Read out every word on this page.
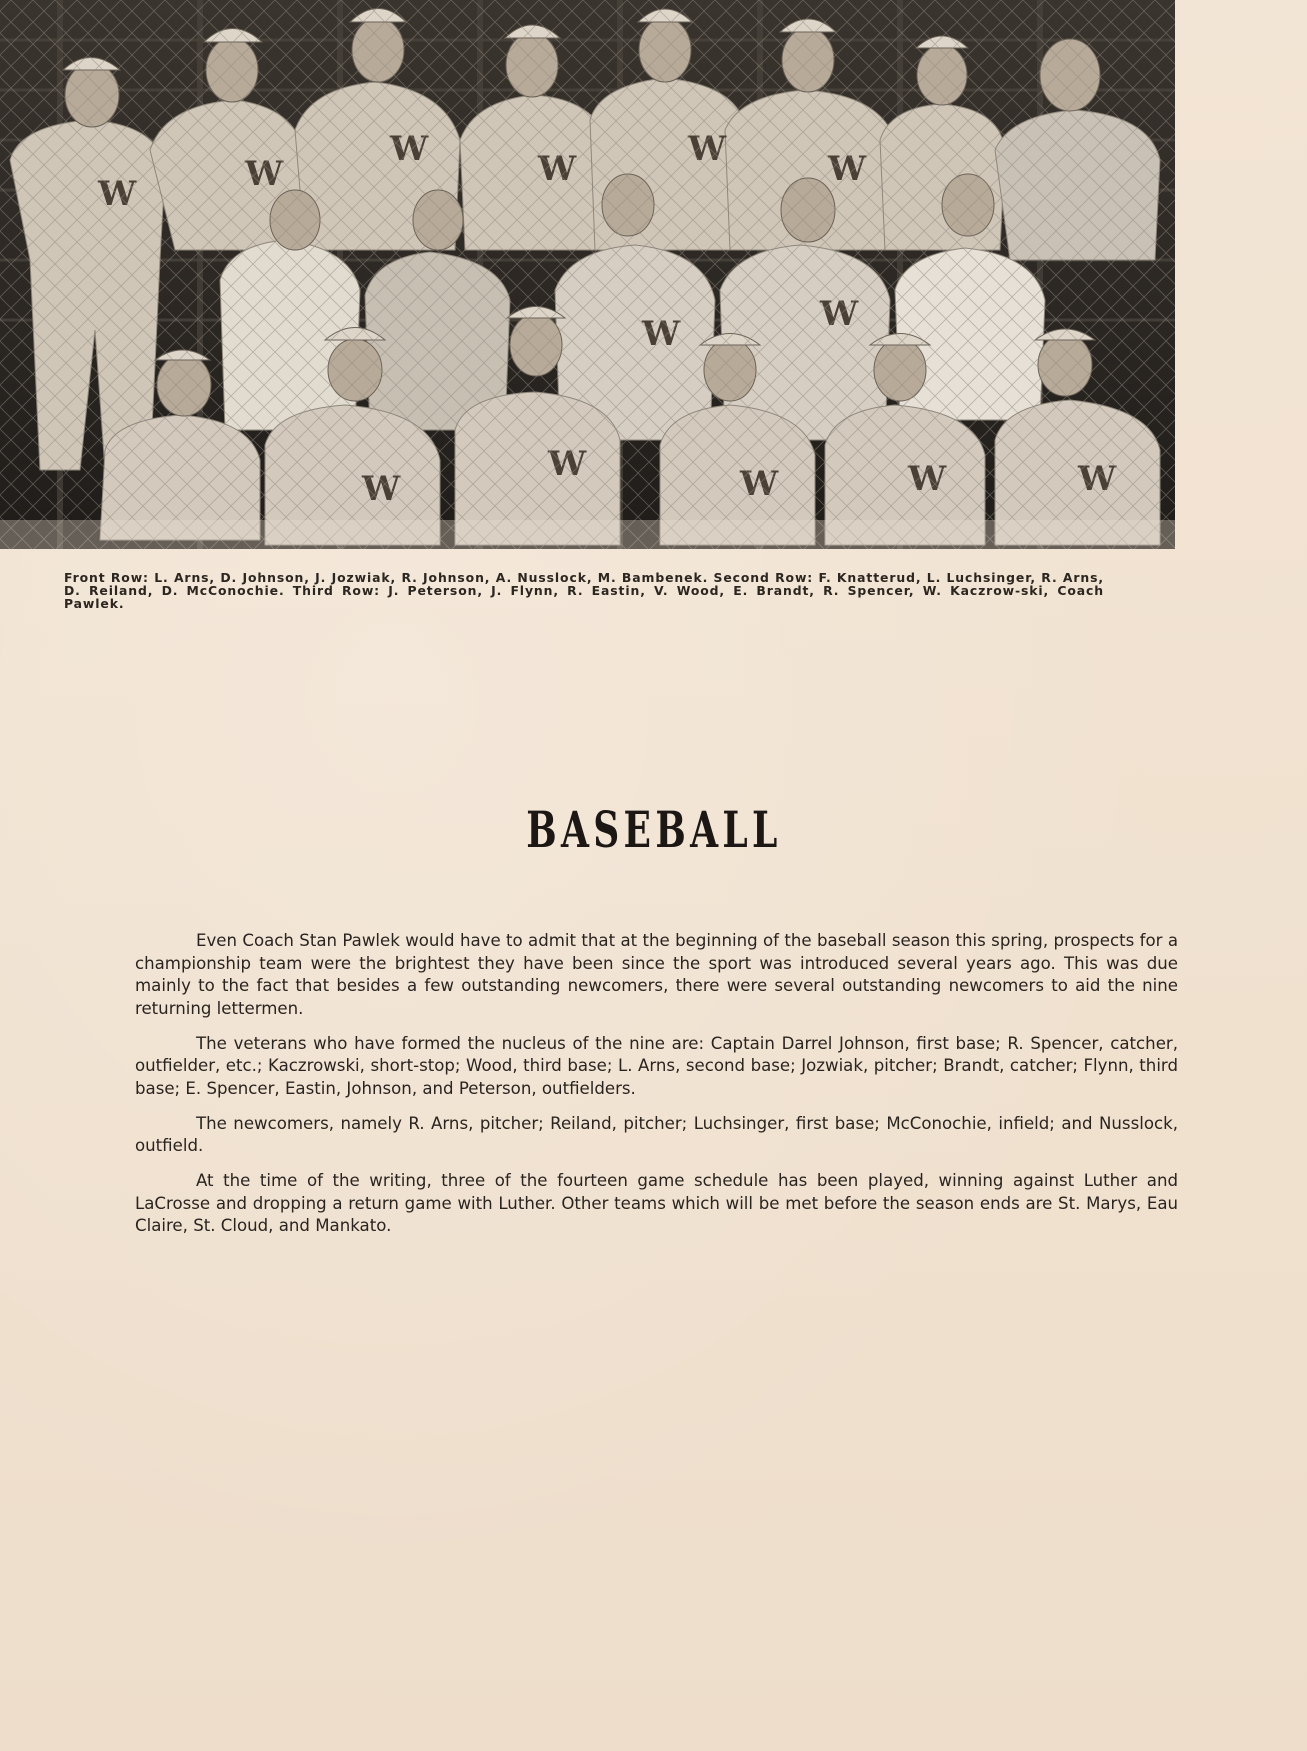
Front Row: L. Arns, D. Johnson, J. Jozwiak, R. Johnson, A. Nusslock, M. Bambenek. Second Row: F. Knatterud, L. Luchsinger, R. Arns, D. Reiland, D. McConochie. Third Row: J. Peterson, J. Flynn, R. Eastin, V. Wood, E. Brandt, R. Spencer, W. Kaczrow-ski, Coach Pawlek.
BASEBALL

Even Coach Stan Pawlek would have to admit that at the beginning of the baseball season this spring, prospects for a championship team were the brightest they have been since the sport was introduced several years ago. This was due mainly to the fact that besides a few outstanding newcomers, there were several outstanding newcomers to aid the nine returning lettermen.

The veterans who have formed the nucleus of the nine are: Captain Darrel Johnson, first base; R. Spencer, catcher, outfielder, etc.; Kaczrowski, short-stop; Wood, third base; L. Arns, second base; Jozwiak, pitcher; Brandt, catcher; Flynn, third base; E. Spencer, Eastin, Johnson, and Peterson, outfielders.

The newcomers, namely R. Arns, pitcher; Reiland, pitcher; Luchsinger, first base; McConochie, infield; and Nusslock, outfield.

At the time of the writing, three of the fourteen game schedule has been played, winning against Luther and LaCrosse and dropping a return game with Luther. Other teams which will be met before the season ends are St. Marys, Eau Claire, St. Cloud, and Mankato.
